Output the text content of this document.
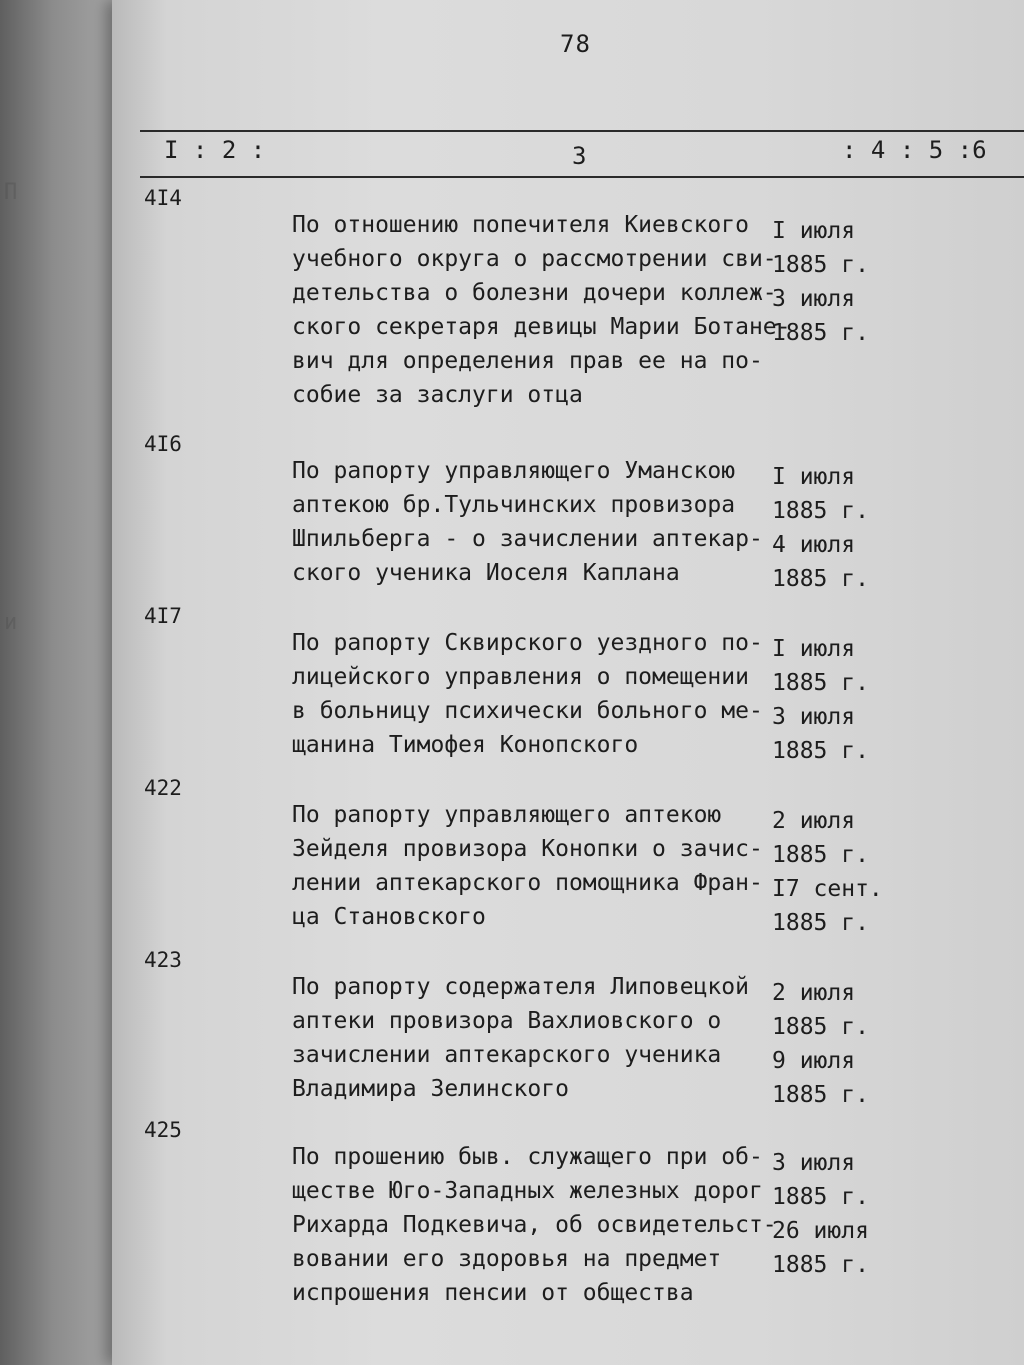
П
и
78
I : 2 :	3	: 4 : 5 :6
4I4
По отношению попечителя Киевского
учебного округа о рассмотрении сви-
детельства о болезни дочери коллеж-
ского секретаря девицы Марии Ботане-
вич для определения прав ее на по-
собие за заслуги отца
I июля
1885 г.
3 июля
1885 г.
4I6
По рапорту управляющего Уманскою
аптекою бр.Тульчинских провизора
Шпильберга - о зачислении аптекар-
ского ученика Иоселя Каплана
I июля
1885 г.
4 июля
1885 г.
4I7
По рапорту Сквирского уездного по-
лицейского управления о помещении
в больницу психически больного ме-
щанина Тимофея Конопского
I июля
1885 г.
3 июля
1885 г.
422
По рапорту управляющего аптекою
Зейделя провизора Конопки о зачис-
лении аптекарского помощника Фран-
ца Становского
2 июля
1885 г.
I7 сент.
1885 г.
423
По рапорту содержателя Липовецкой
аптеки провизора Вахлиовского о
зачислении аптекарского ученика
Владимира Зелинского
2 июля
1885 г.
9 июля
1885 г.
425
По прошению быв. служащего при об-
ществе Юго-Западных железных дорог
Рихарда Подкевича, об освидетельст-
вовании его здоровья на предмет
испрошения пенсии от общества
3 июля
1885 г.
26 июля
1885 г.
